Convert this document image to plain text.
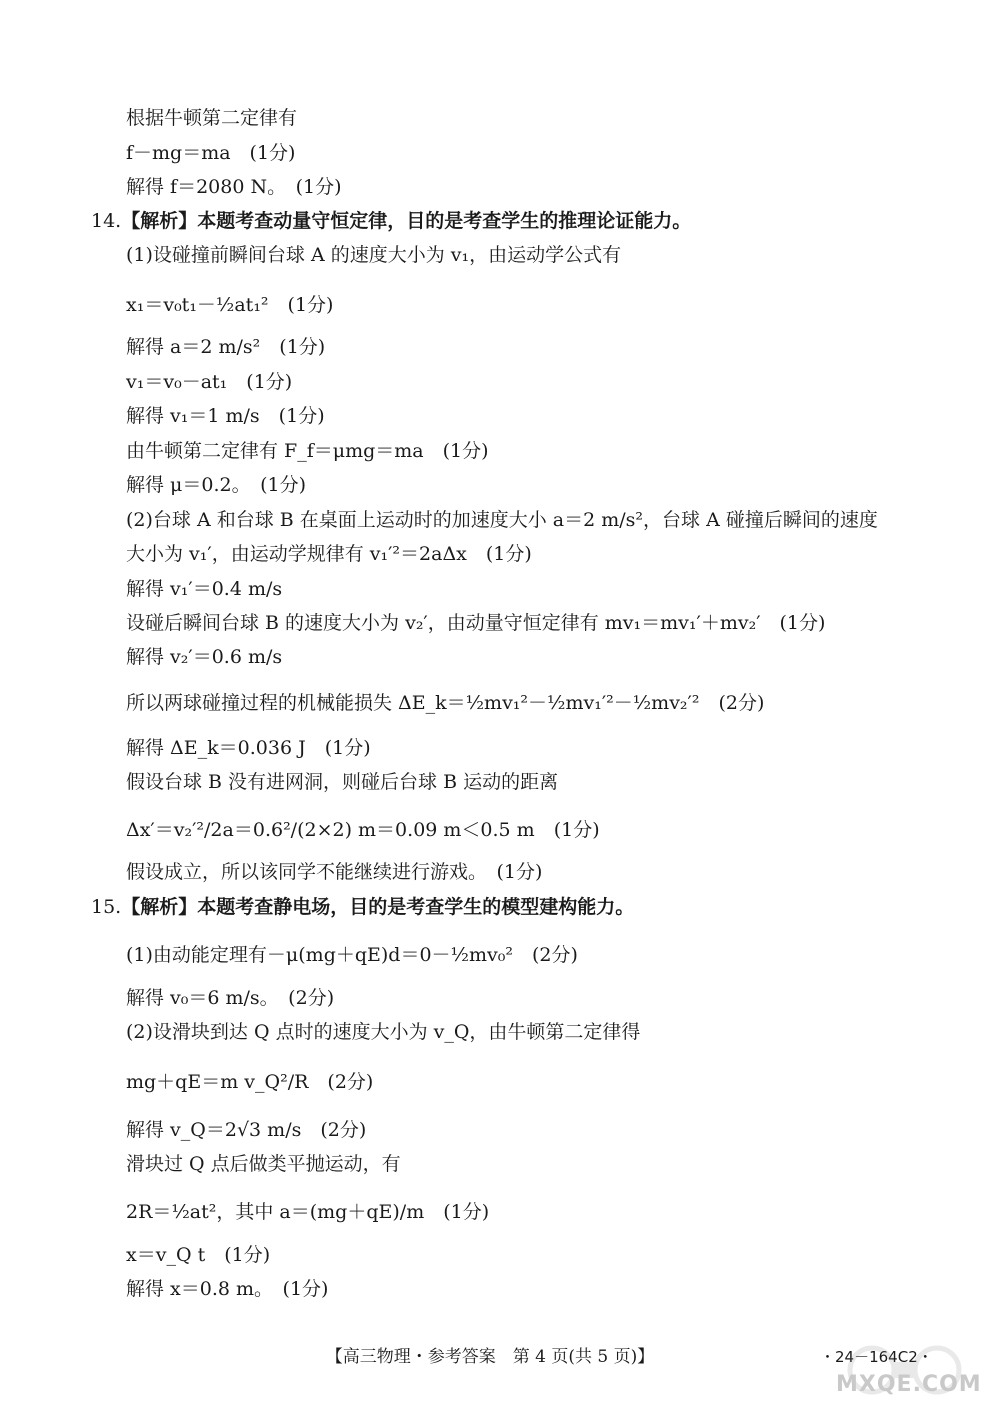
根据牛顿第二定律有
f－mg＝ma　(1分)
解得 f＝2080 N。　(1分)
14.【解析】本题考查动量守恒定律，目的是考查学生的推理论证能力。
(1)设碰撞前瞬间台球 A 的速度大小为 v₁，由运动学公式有
x₁＝v₀t₁－½at₁²　(1分)
解得 a＝2 m/s²　(1分)
v₁＝v₀－at₁　(1分)
解得 v₁＝1 m/s　(1分)
由牛顿第二定律有 F_f＝μmg＝ma　(1分)
解得 μ＝0.2。　(1分)
(2)台球 A 和台球 B 在桌面上运动时的加速度大小 a＝2 m/s²，台球 A 碰撞后瞬间的速度
大小为 v₁′，由运动学规律有 v₁′²＝2aΔx　(1分)
解得 v₁′＝0.4 m/s
设碰后瞬间台球 B 的速度大小为 v₂′，由动量守恒定律有 mv₁＝mv₁′＋mv₂′　(1分)
解得 v₂′＝0.6 m/s
所以两球碰撞过程的机械能损失 ΔE_k＝½mv₁²－½mv₁′²－½mv₂′²　(2分)
解得 ΔE_k＝0.036 J　(1分)
假设台球 B 没有进网洞，则碰后台球 B 运动的距离
Δx′＝v₂′²/2a＝0.6²/(2×2) m＝0.09 m＜0.5 m　(1分)
假设成立，所以该同学不能继续进行游戏。　(1分)
15.【解析】本题考查静电场，目的是考查学生的模型建构能力。
(1)由动能定理有－μ(mg＋qE)d＝0－½mv₀²　(2分)
解得 v₀＝6 m/s。　(2分)
(2)设滑块到达 Q 点时的速度大小为 v_Q，由牛顿第二定律得
mg＋qE＝m v_Q²/R　(2分)
解得 v_Q＝2√3 m/s　(2分)
滑块过 Q 点后做类平抛运动，有
2R＝½at²，其中 a＝(mg＋qE)/m　(1分)
x＝v_Q t　(1分)
解得 x＝0.8 m。　(1分)
【高三物理・参考答案　第 4 页(共 5 页)】	・24－164C2・
MXQE.COM
